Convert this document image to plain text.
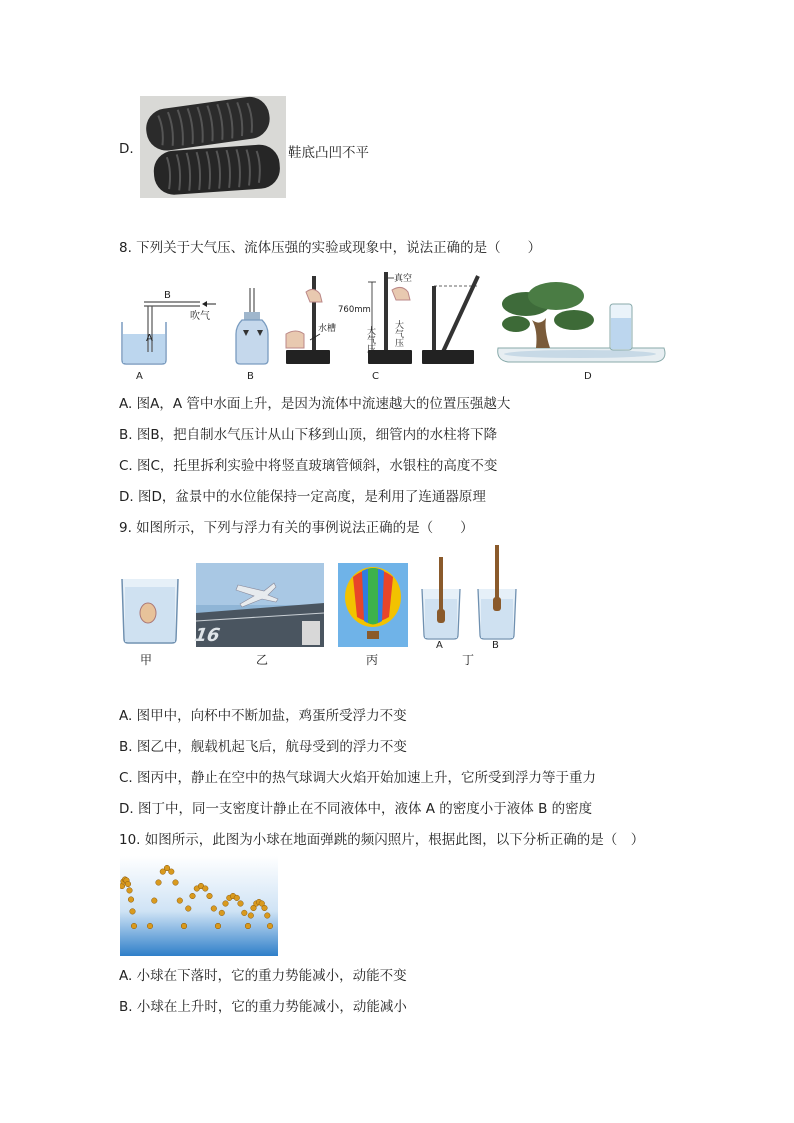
D.	鞋底凸凹不平
8. 下列关于大气压、流体压强的实验或现象中，说法正确的是（　　）
B
吹气
A
A	B
水槽
760mm
大气压 大气压
真空
C	D
A. 图A，A 管中水面上升，是因为流体中流速越大的位置压强越大
B. 图B，把自制水气压计从山下移到山顶，细管内的水柱将下降
C. 图C，托里拆利实验中将竖直玻璃管倾斜，水银柱的高度不变
D. 图D，盆景中的水位能保持一定高度，是利用了连通器原理
9. 如图所示，下列与浮力有关的事例说法正确的是（　　）
甲
16
乙	丙
A	B
丁
A. 图甲中，向杯中不断加盐，鸡蛋所受浮力不变
B. 图乙中，舰载机起飞后，航母受到的浮力不变
C. 图丙中，静止在空中的热气球调大火焰开始加速上升，它所受到浮力等于重力
D. 图丁中，同一支密度计静止在不同液体中，液体 A 的密度小于液体 B 的密度
10. 如图所示，此图为小球在地面弹跳的频闪照片，根据此图，以下分析正确的是（　）
A. 小球在下落时，它的重力势能减小，动能不变
B. 小球在上升时，它的重力势能减小，动能减小
